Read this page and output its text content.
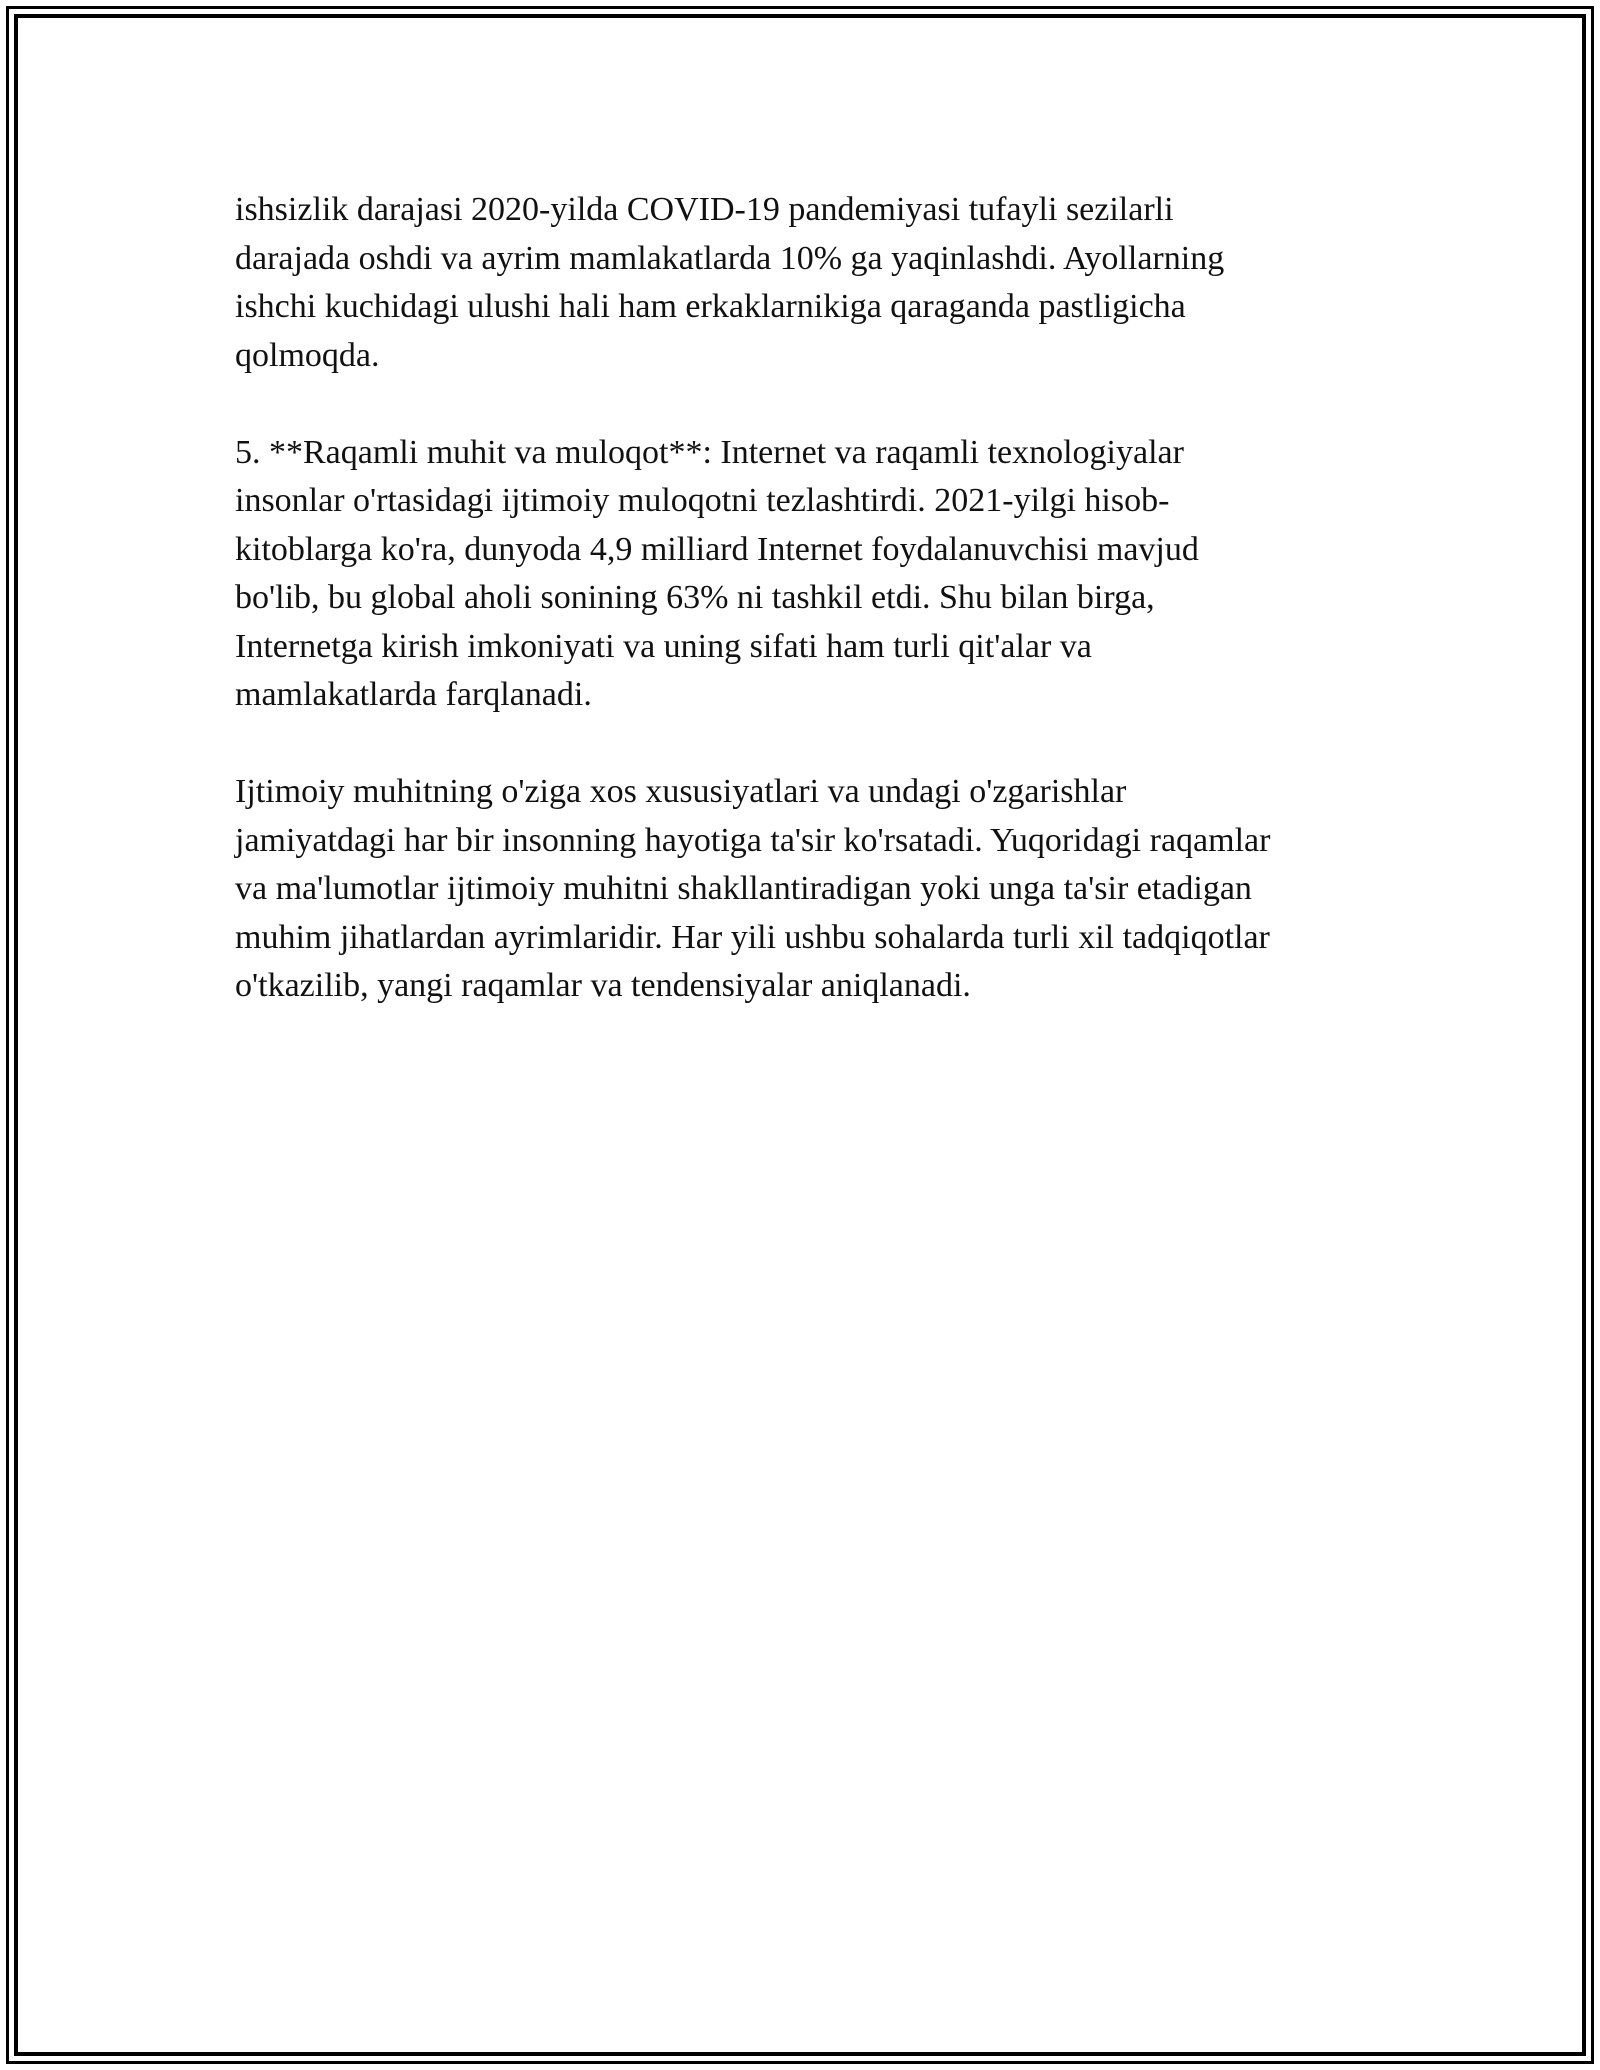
ishsizlik darajasi 2020-yilda COVID-19 pandemiyasi tufayli sezilarli
darajada oshdi va ayrim mamlakatlarda 10% ga yaqinlashdi. Ayollarning
ishchi kuchidagi ulushi hali ham erkaklarnikiga qaraganda pastligicha
qolmoqda.

5. **Raqamli muhit va muloqot**: Internet va raqamli texnologiyalar
insonlar o'rtasidagi ijtimoiy muloqotni tezlashtirdi. 2021-yilgi hisob-
kitoblarga ko'ra, dunyoda 4,9 milliard Internet foydalanuvchisi mavjud
bo'lib, bu global aholi sonining 63% ni tashkil etdi. Shu bilan birga,
Internetga kirish imkoniyati va uning sifati ham turli qit'alar va
mamlakatlarda farqlanadi.

Ijtimoiy muhitning o'ziga xos xususiyatlari va undagi o'zgarishlar
jamiyatdagi har bir insonning hayotiga ta'sir ko'rsatadi. Yuqoridagi raqamlar
va ma'lumotlar ijtimoiy muhitni shakllantiradigan yoki unga ta'sir etadigan
muhim jihatlardan ayrimlaridir. Har yili ushbu sohalarda turli xil tadqiqotlar
o'tkazilib, yangi raqamlar va tendensiyalar aniqlanadi.
